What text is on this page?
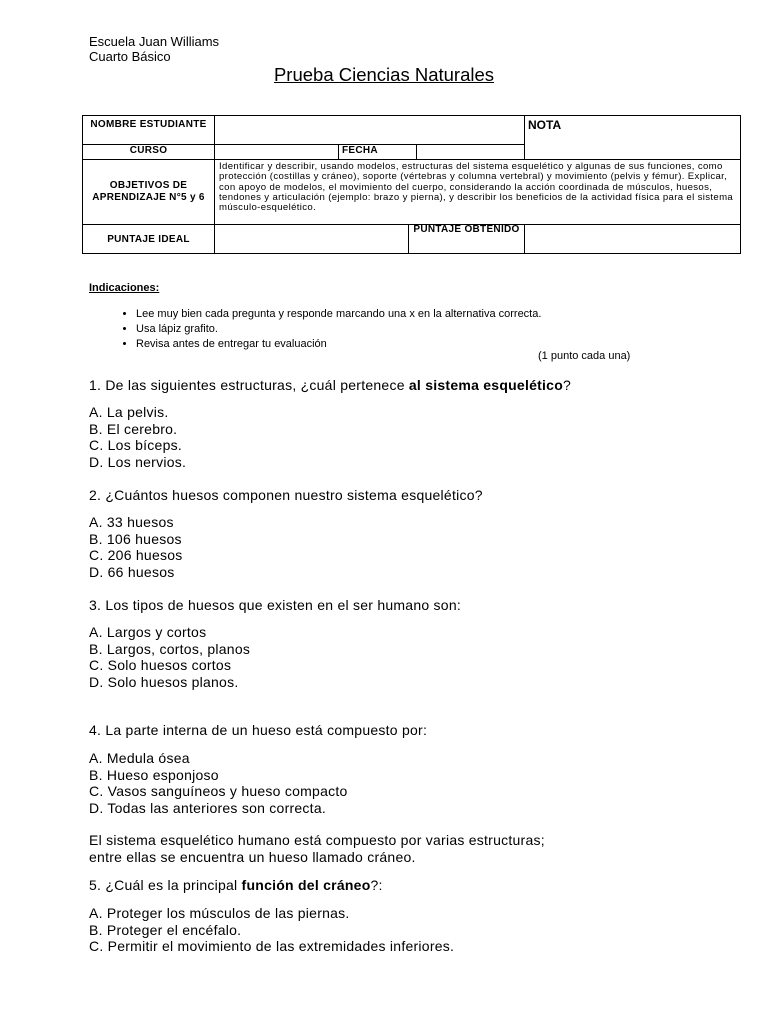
Escuela Juan Williams
Cuarto Básico
Prueba Ciencias Naturales
NOMBRE ESTUDIANTE					NOTA
CURSO		FECHA			
OBJETIVOS DE APRENDIZAJE N°5 y 6	Identificar y describir, usando modelos, estructuras del sistema esquelético y algunas de sus funciones, como protección (costillas y cráneo), soporte (vértebras y columna vertebral) y movimiento (pelvis y fémur). Explicar, con apoyo de modelos, el movimiento del cuerpo, considerando la acción coordinada de músculos, huesos, tendones y articulación (ejemplo: brazo y pierna), y describir los beneficios de la actividad física para el sistema músculo-esquelético.				
PUNTAJE IDEAL			PUNTAJE OBTENIDO		
Indicaciones:
• Lee muy bien cada pregunta y responde marcando una x en la alternativa correcta.
• Usa lápiz grafito.
• Revisa antes de entregar tu evaluación
(1 punto cada una)
1. De las siguientes estructuras, ¿cuál pertenece al sistema esquelético?
A. La pelvis.
B. El cerebro.
C. Los bíceps.
D. Los nervios.
2. ¿Cuántos huesos componen nuestro sistema esquelético?
A. 33 huesos
B. 106 huesos
C. 206 huesos
D. 66 huesos
3. Los tipos de huesos que existen en el ser humano son:
A. Largos y cortos
B. Largos, cortos, planos
C. Solo huesos cortos
D. Solo huesos planos.
4. La parte interna de un hueso está compuesto por:
A. Medula ósea
B. Hueso esponjoso
C. Vasos sanguíneos y hueso compacto
D. Todas las anteriores son correcta.
El sistema esquelético humano está compuesto por varias estructuras;
entre ellas se encuentra un hueso llamado cráneo.
5. ¿Cuál es la principal función del cráneo?:
A. Proteger los músculos de las piernas.
B. Proteger el encéfalo.
C. Permitir el movimiento de las extremidades inferiores.
